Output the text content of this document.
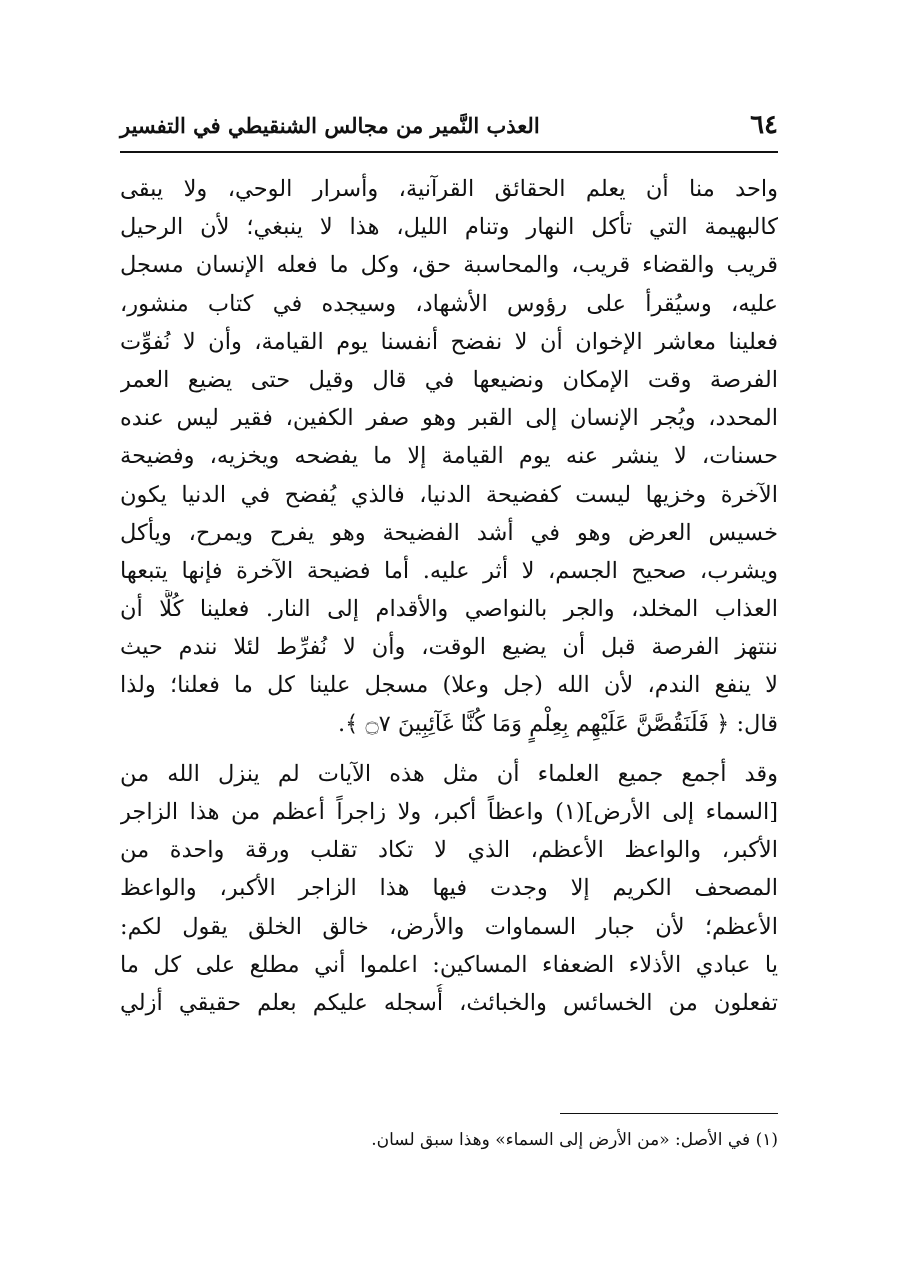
٦٤
العذب النَّمير من مجالس الشنقيطي في التفسير
واحد منا أن يعلم الحقائق القرآنية، وأسرار الوحي، ولا يبقى
كالبهيمة التي تأكل النهار وتنام الليل، هذا لا ينبغي؛ لأن الرحيل
قريب والقضاء قريب، والمحاسبة حق، وكل ما فعله الإنسان مسجل
عليه، وسيُقرأ على رؤوس الأشهاد، وسيجده في كتاب منشور،
فعلينا معاشر الإخوان أن لا نفضح أنفسنا يوم القيامة، وأن لا نُفوِّت
الفرصة وقت الإمكان ونضيعها في قال وقيل حتى يضيع العمر
المحدد، ويُجر الإنسان إلى القبر وهو صفر الكفين، فقير ليس عنده
حسنات، لا ينشر عنه يوم القيامة إلا ما يفضحه ويخزيه، وفضيحة
الآخرة وخزيها ليست كفضيحة الدنيا، فالذي يُفضح في الدنيا يكون
خسيس العرض وهو في أشد الفضيحة وهو يفرح ويمرح، ويأكل
ويشرب، صحيح الجسم، لا أثر عليه. أما فضيحة الآخرة فإنها يتبعها
العذاب المخلد، والجر بالنواصي والأقدام إلى النار. فعلينا كُلًّا أن
ننتهز الفرصة قبل أن يضيع الوقت، وأن لا نُفرِّط لئلا نندم حيث
لا ينفع الندم، لأن الله (جل وعلا) مسجل علينا كل ما فعلنا؛ ولذا
قال: ﴿ فَلَنَقُصَّنَّ عَلَيْهِم بِعِلْمٍ وَمَا كُنَّا غَآئِبِينَ ۝٧ ﴾.
وقد أجمع جميع العلماء أن مثل هذه الآيات لم ينزل الله من
[السماء إلى الأرض](١) واعظاً أكبر، ولا زاجراً أعظم من هذا الزاجر
الأكبر، والواعظ الأعظم، الذي لا تكاد تقلب ورقة واحدة من
المصحف الكريم إلا وجدت فيها هذا الزاجر الأكبر، والواعظ
الأعظم؛ لأن جبار السماوات والأرض، خالق الخلق يقول لكم:
يا عبادي الأذلاء الضعفاء المساكين: اعلموا أني مطلع على كل ما
تفعلون من الخسائس والخبائث، أُسجله عليكم بعلم حقيقي أزلي
(١) في الأصل: «من الأرض إلى السماء» وهذا سبق لسان.
